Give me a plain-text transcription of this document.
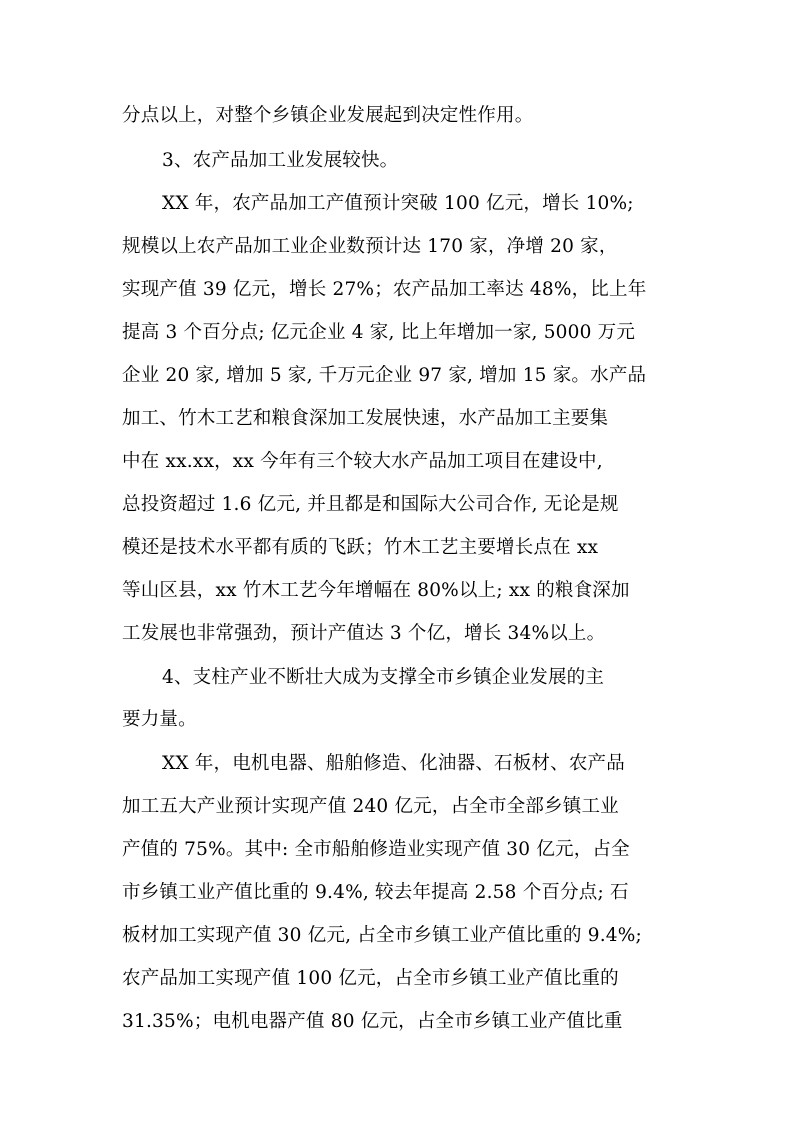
分点以上，对整个乡镇企业发展起到决定性作用。
3、农产品加工业发展较快。
XX 年，农产品加工产值预计突破 100 亿元，增长 10%;
规模以上农产品加工业企业数预计达 170 家，净增 20 家，
实现产值 39 亿元，增长 27%；农产品加工率达 48%，比上年
提高 3 个百分点; 亿元企业 4 家, 比上年增加一家, 5000 万元
企业 20 家, 增加 5 家, 千万元企业 97 家, 增加 15 家。水产品
加工、竹木工艺和粮食深加工发展快速，水产品加工主要集
中在 xx.xx，xx 今年有三个较大水产品加工项目在建设中,
总投资超过 1.6 亿元, 并且都是和国际大公司合作, 无论是规
模还是技术水平都有质的飞跃；竹木工艺主要增长点在 xx
等山区县，xx 竹木工艺今年增幅在 80%以上; xx 的粮食深加
工发展也非常强劲，预计产值达 3 个亿，增长 34%以上。
4、支柱产业不断壮大成为支撑全市乡镇企业发展的主
要力量。
XX 年，电机电器、船舶修造、化油器、石板材、农产品
加工五大产业预计实现产值 240 亿元，占全市全部乡镇工业
产值的 75%。其中: 全市船舶修造业实现产值 30 亿元，占全
市乡镇工业产值比重的 9.4%, 较去年提高 2.58 个百分点; 石
板材加工实现产值 30 亿元, 占全市乡镇工业产值比重的 9.4%;
农产品加工实现产值 100 亿元，占全市乡镇工业产值比重的
31.35%；电机电器产值 80 亿元，占全市乡镇工业产值比重
